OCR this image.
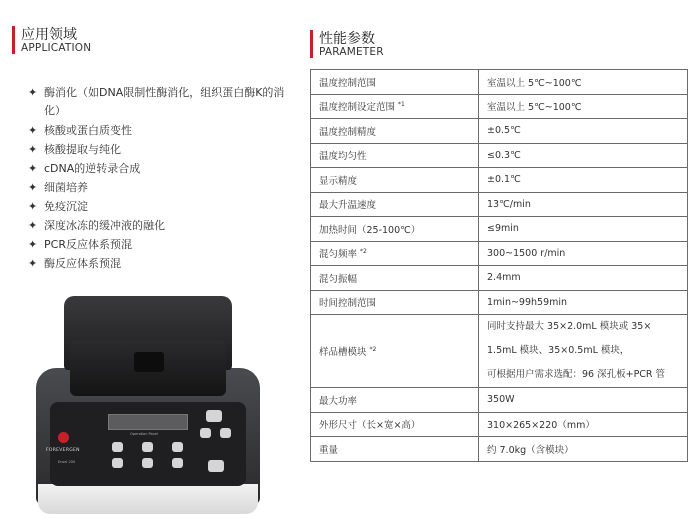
应用领域
APPLICATION
✦ 酶消化（如DNA限制性酶消化，组织蛋白酶K的消化）
✦ 核酸或蛋白质变性
✦ 核酸提取与纯化
✦ cDNA的逆转录合成
✦ 细菌培养
✦ 免疫沉淀
✦ 深度冰冻的缓冲液的融化
✦ PCR反应体系预混
✦ 酶反应体系预混
FOREVERGEN
Ensei 200
Operation Panel
性能参数
PARAMETER
温度控制范围	室温以上 5℃~100℃
温度控制设定范围 $^{*1}$	室温以上 5℃~100℃
温度控制精度	±0.5℃
温度均匀性	≤0.3℃
显示精度	±0.1℃
最大升温速度	13℃/min
加热时间（25-100℃）	≤9min
混匀频率 $^{*2}$	300~1500 r/min
混匀振幅	2.4mm
时间控制范围	1min~99h59min
样品槽模块 $^{*2}$	同时支持最大 35×2.0mL 模块或 35×
1.5mL 模块、35×0.5mL 模块，
可根据用户需求选配：96 深孔板+PCR 管

最大功率	350W
外形尺寸（长×宽×高）	310×265×220（mm）
重量	约 7.0kg（含模块）
